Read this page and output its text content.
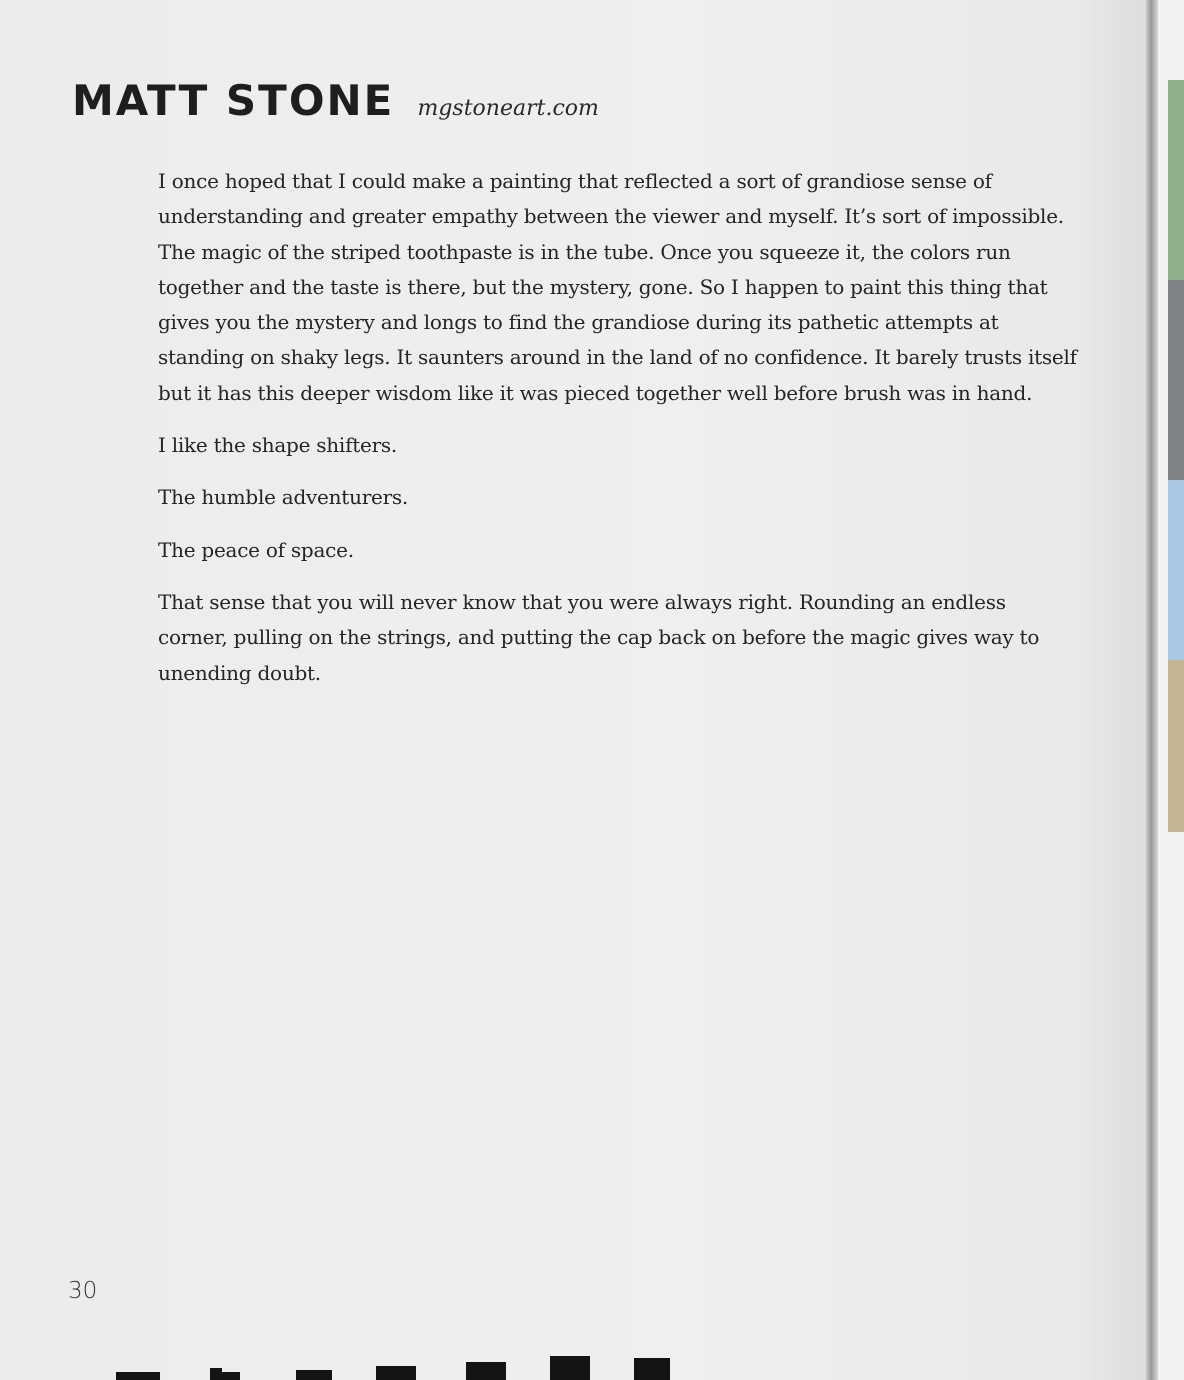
MATT STONE mgstoneart.com

I once hoped that I could make a painting that reflected a sort of grandiose sense of understanding and greater empathy between the viewer and myself. It’s sort of impossible. The magic of the striped toothpaste is in the tube. Once you squeeze it, the colors run together and the taste is there, but the mystery, gone. So I happen to paint this thing that gives you the mystery and longs to find the grandiose during its pathetic attempts at standing on shaky legs. It saunters around in the land of no confidence. It barely trusts itself but it has this deeper wisdom like it was pieced together well before brush was in hand.

I like the shape shifters.

The humble adventurers.

The peace of space.

That sense that you will never know that you were always right. Rounding an endless corner, pulling on the strings, and putting the cap back on before the magic gives way to unending doubt.

30
